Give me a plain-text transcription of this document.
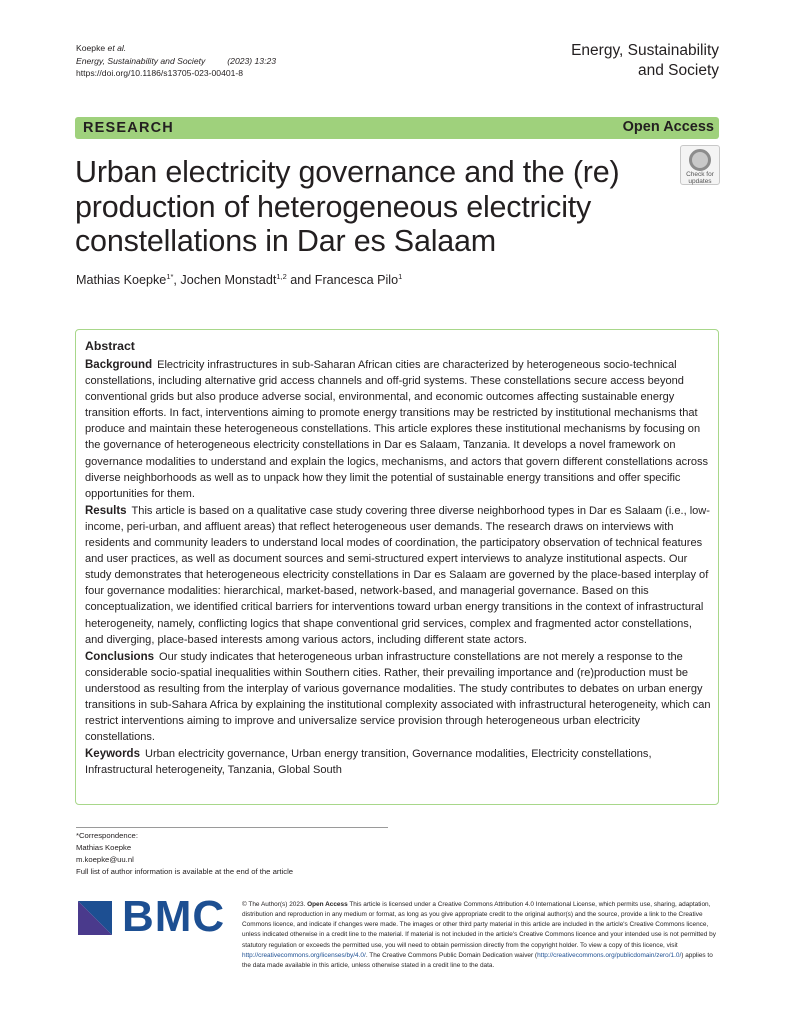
Koepke et al.
Energy, Sustainability and Society	(2023) 13:23
https://doi.org/10.1186/s13705-023-00401-8
Energy, Sustainability
and Society
RESEARCH	Open Access
Urban electricity governance and the (re)
production of heterogeneous electricity
constellations in Dar es Salaam
Check for
updates
Mathias Koepke$^{1*}$, Jochen Monstadt$^{1,2}$ and Francesca Pilo$^1$
Abstract

Background Electricity infrastructures in sub-Saharan African cities are characterized by heterogeneous socio-technical constellations, including alternative grid access channels and off-grid systems. These constellations secure access beyond conventional grids but also produce adverse social, environmental, and economic outcomes affecting sustainable energy transition efforts. In fact, interventions aiming to promote energy transitions may be restricted by institutional mechanisms that produce and maintain these heterogeneous constellations. This article explores these institutional mechanisms by focusing on the governance of heterogeneous electricity constellations in Dar es Salaam, Tanzania. It develops a novel framework on governance modalities to understand and explain the logics, mechanisms, and actors that govern different constellations across diverse neighborhoods as well as to unpack how they limit the potential of sustainable energy transitions and offer specific opportunities for them.

Results This article is based on a qualitative case study covering three diverse neighborhood types in Dar es Salaam (i.e., low-income, peri-urban, and affluent areas) that reflect heterogeneous user demands. The research draws on interviews with residents and community leaders to understand local modes of coordination, the participatory observation of technical features and user practices, as well as document sources and semi-structured expert interviews to analyze institutional aspects. Our study demonstrates that heterogeneous electricity constellations in Dar es Salaam are governed by the place-based interplay of four governance modalities: hierarchical, market-based, network-based, and managerial governance. Based on this conceptualization, we identified critical barriers for interventions toward urban energy transitions in the context of infrastructural heterogeneity, namely, conflicting logics that shape conventional grid services, complex and fragmented actor constellations, and diverging, place-based interests among various actors, including different state actors.

Conclusions Our study indicates that heterogeneous urban infrastructure constellations are not merely a response to the considerable socio-spatial inequalities within Southern cities. Rather, their prevailing importance and (re)production must be understood as resulting from the interplay of various governance modalities. The study contributes to debates on urban energy transitions in sub-Sahara Africa by explaining the institutional complexity associated with infrastructural heterogeneity, which can restrict interventions aiming to improve and universalize service provision through heterogeneous urban electricity constellations.

Keywords Urban electricity governance, Urban energy transition, Governance modalities, Electricity constellations, Infrastructural heterogeneity, Tanzania, Global South

*Correspondence:
Mathias Koepke
m.koepke@uu.nl
Full list of author information is available at the end of the article
BMC	© The Author(s) 2023. Open Access This article is licensed under a Creative Commons Attribution 4.0 International License, which permits use, sharing, adaptation, distribution and reproduction in any medium or format, as long as you give appropriate credit to the original author(s) and the source, provide a link to the Creative Commons licence, and indicate if changes were made. The images or other third party material in this article are included in the article's Creative Commons licence, unless indicated otherwise in a credit line to the material. If material is not included in the article's Creative Commons licence and your intended use is not permitted by statutory regulation or exceeds the permitted use, you will need to obtain permission directly from the copyright holder. To view a copy of this licence, visit http://creativecommons.org/licenses/by/4.0/. The Creative Commons Public Domain Dedication waiver (http://creativecommons.org/publicdomain/zero/1.0/) applies to the data made available in this article, unless otherwise stated in a credit line to the data.
